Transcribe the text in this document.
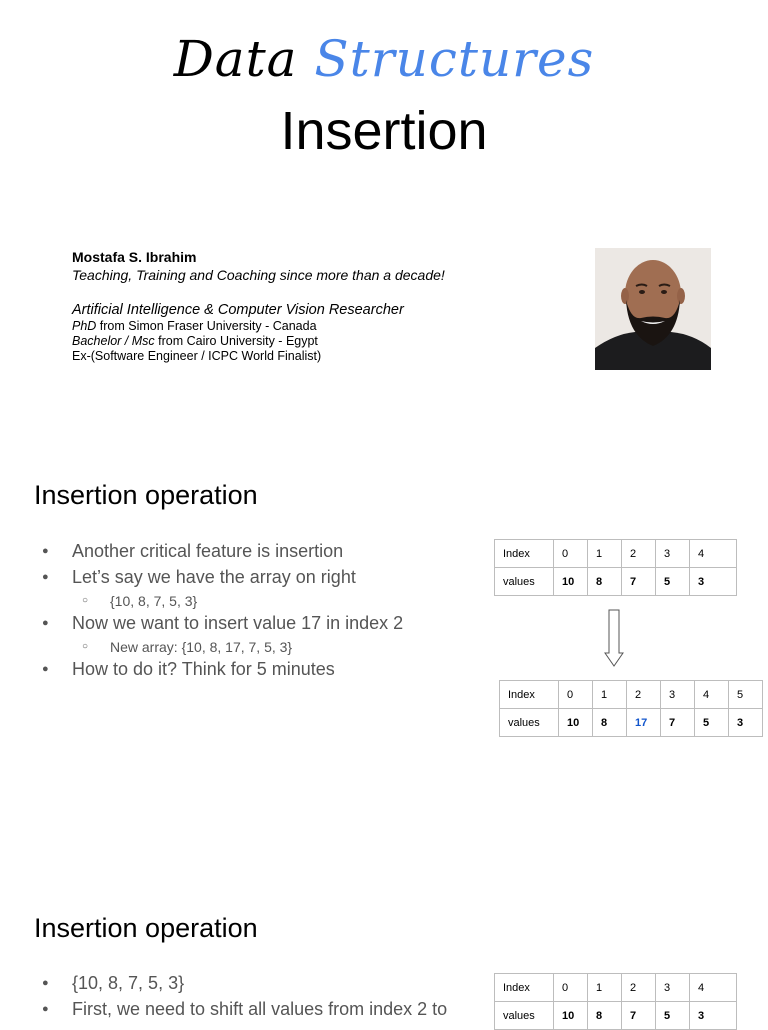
Data Structures
Insertion
Mostafa S. Ibrahim
Teaching, Training and Coaching since more than a decade!
Artificial Intelligence & Computer Vision Researcher
PhD from Simon Fraser University - Canada
Bachelor / Msc from Cairo University - Egypt
Ex-(Software Engineer / ICPC World Finalist)
Insertion operation
● Another critical feature is insertion
● Let’s say we have the array on right
○ {10, 8, 7, 5, 3}
● Now we want to insert value 17 in index 2
○ New array: {10, 8, 17, 7, 5, 3}
● How to do it? Think for 5 minutes
Index	0	1	2	3	4
values	10	8	7	5	3
Index	0	1	2	3	4	5
values	10	8	17	7	5	3
Insertion operation
● {10, 8, 7, 5, 3}
● First, we need to shift all values from index 2 to
Index	0	1	2	3	4
values	10	8	7	5	3
